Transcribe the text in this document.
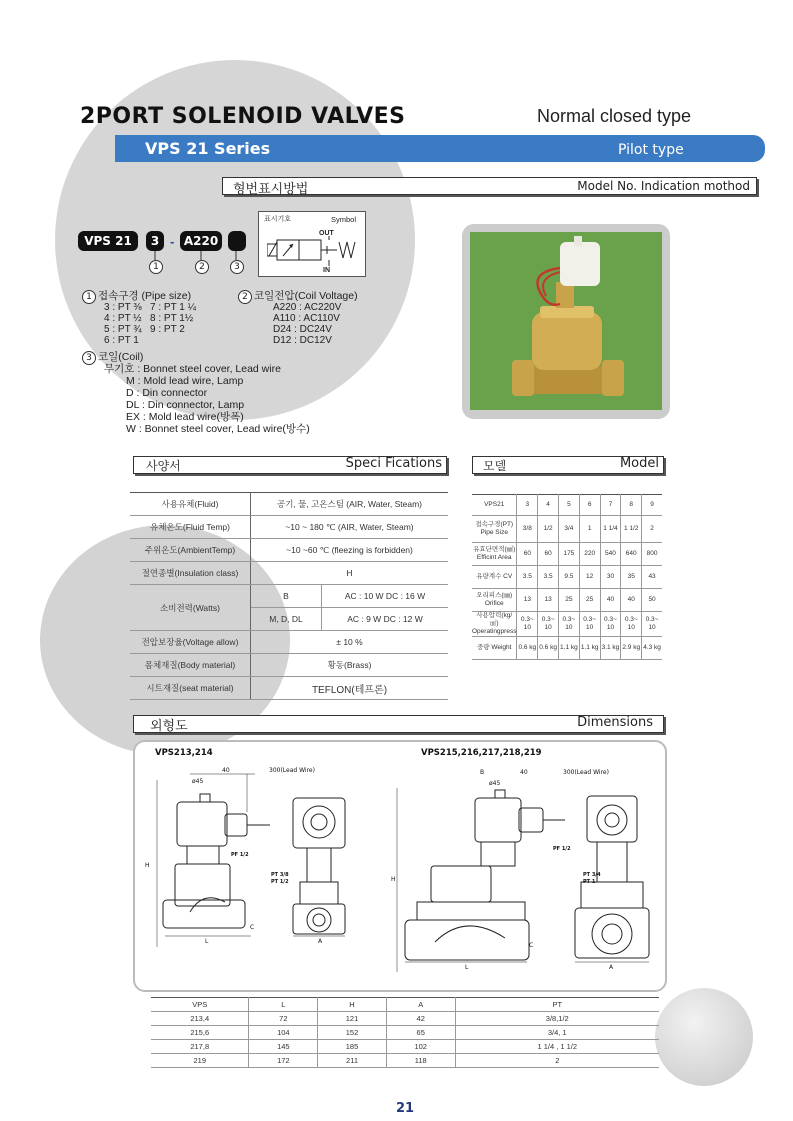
2PORT SOLENOID VALVES	Normal closed type
VPS 21 Series	Pilot type
형번표시방법	Model No. Indication mothod
VPS 21	3 - A220
1	2	3
표시기호	Symbol
OUT
IN
1 접속구경 (Pipe size)
3 : PT ⅜
4 : PT ½
5 : PT ¾
6 : PT 1
7 : PT 1 ¼
8 : PT 1½
9 : PT 2
2 코일전압(Coil Voltage)
A220 : AC220V
A110 : AC110V
D24 : DC24V
D12 : DC12V
3 코일(Coil)
무기호 : Bonnet steel cover, Lead wire
M : Mold lead wire, Lamp
D : Din connector
DL : Din connector, Lamp
EX : Mold lead wire(방폭)
W : Bonnet steel cover, Lead wire(방수)
사양서	Speci Fications	모델	Model
사용유체(Fluid)	공기, 물, 고온스팀 (AIR, Water, Steam)	
유체온도(Fluid Temp)	~10 ~ 180 ℃ (AIR, Water, Steam)	
주위온도(AmbientTemp)	~10 ~60 ℃ (fleezing is forbidden)	
절연종별(Insulation class)	H	
소비전력(Watts)	B	AC : 10 W DC : 16 W
	M, D, DL	AC : 9 W DC : 12 W
전압보장율(Voltage allow)	± 10 %	
몸체재질(Body material)	황동(Brass)	
시트재질(seat material)	TEFLON(테프론)	
VPS21	3	4	5	6	7	8	9
접속구경(PT) Pipe Size	3/8	1/2	3/4	1	1 1/4	1 1/2	2
유효단면적(㎟) Efficint Area	60	60	175	220	540	640	800
유량계수 CV	3.5	3.5	9.5	12	30	35	43
오리피스(㎜) Orifice	13	13	25	25	40	40	50
사용압력(kg/㎠) Operatingpress	0.3~ 10	0.3~ 10	0.3~ 10	0.3~ 10	0.3~ 10	0.3~ 10	0.3~ 10
중량 Weight	0.6 kg	0.6 kg	1.1 kg	1.1 kg	3.1 kg	2.9 kg	4.3 kg
외형도	Dimensions
VPS213,214	VPS215,216,217,218,219
ø45
40	300(Lead Wire)
PF 1/2
PT 3/8
PT 1/2
H
L
C
A
B	40
ø45
300(Lead Wire)
PF 1/2
PT 3/4
PT 1
H
C
L	A
VPS	L	H	A	PT
213,4	72	121	42	3/8,1/2
215,6	104	152	65	3/4, 1
217,8	145	185	102	1 1/4 , 1 1/2
219	172	211	118	2
21
